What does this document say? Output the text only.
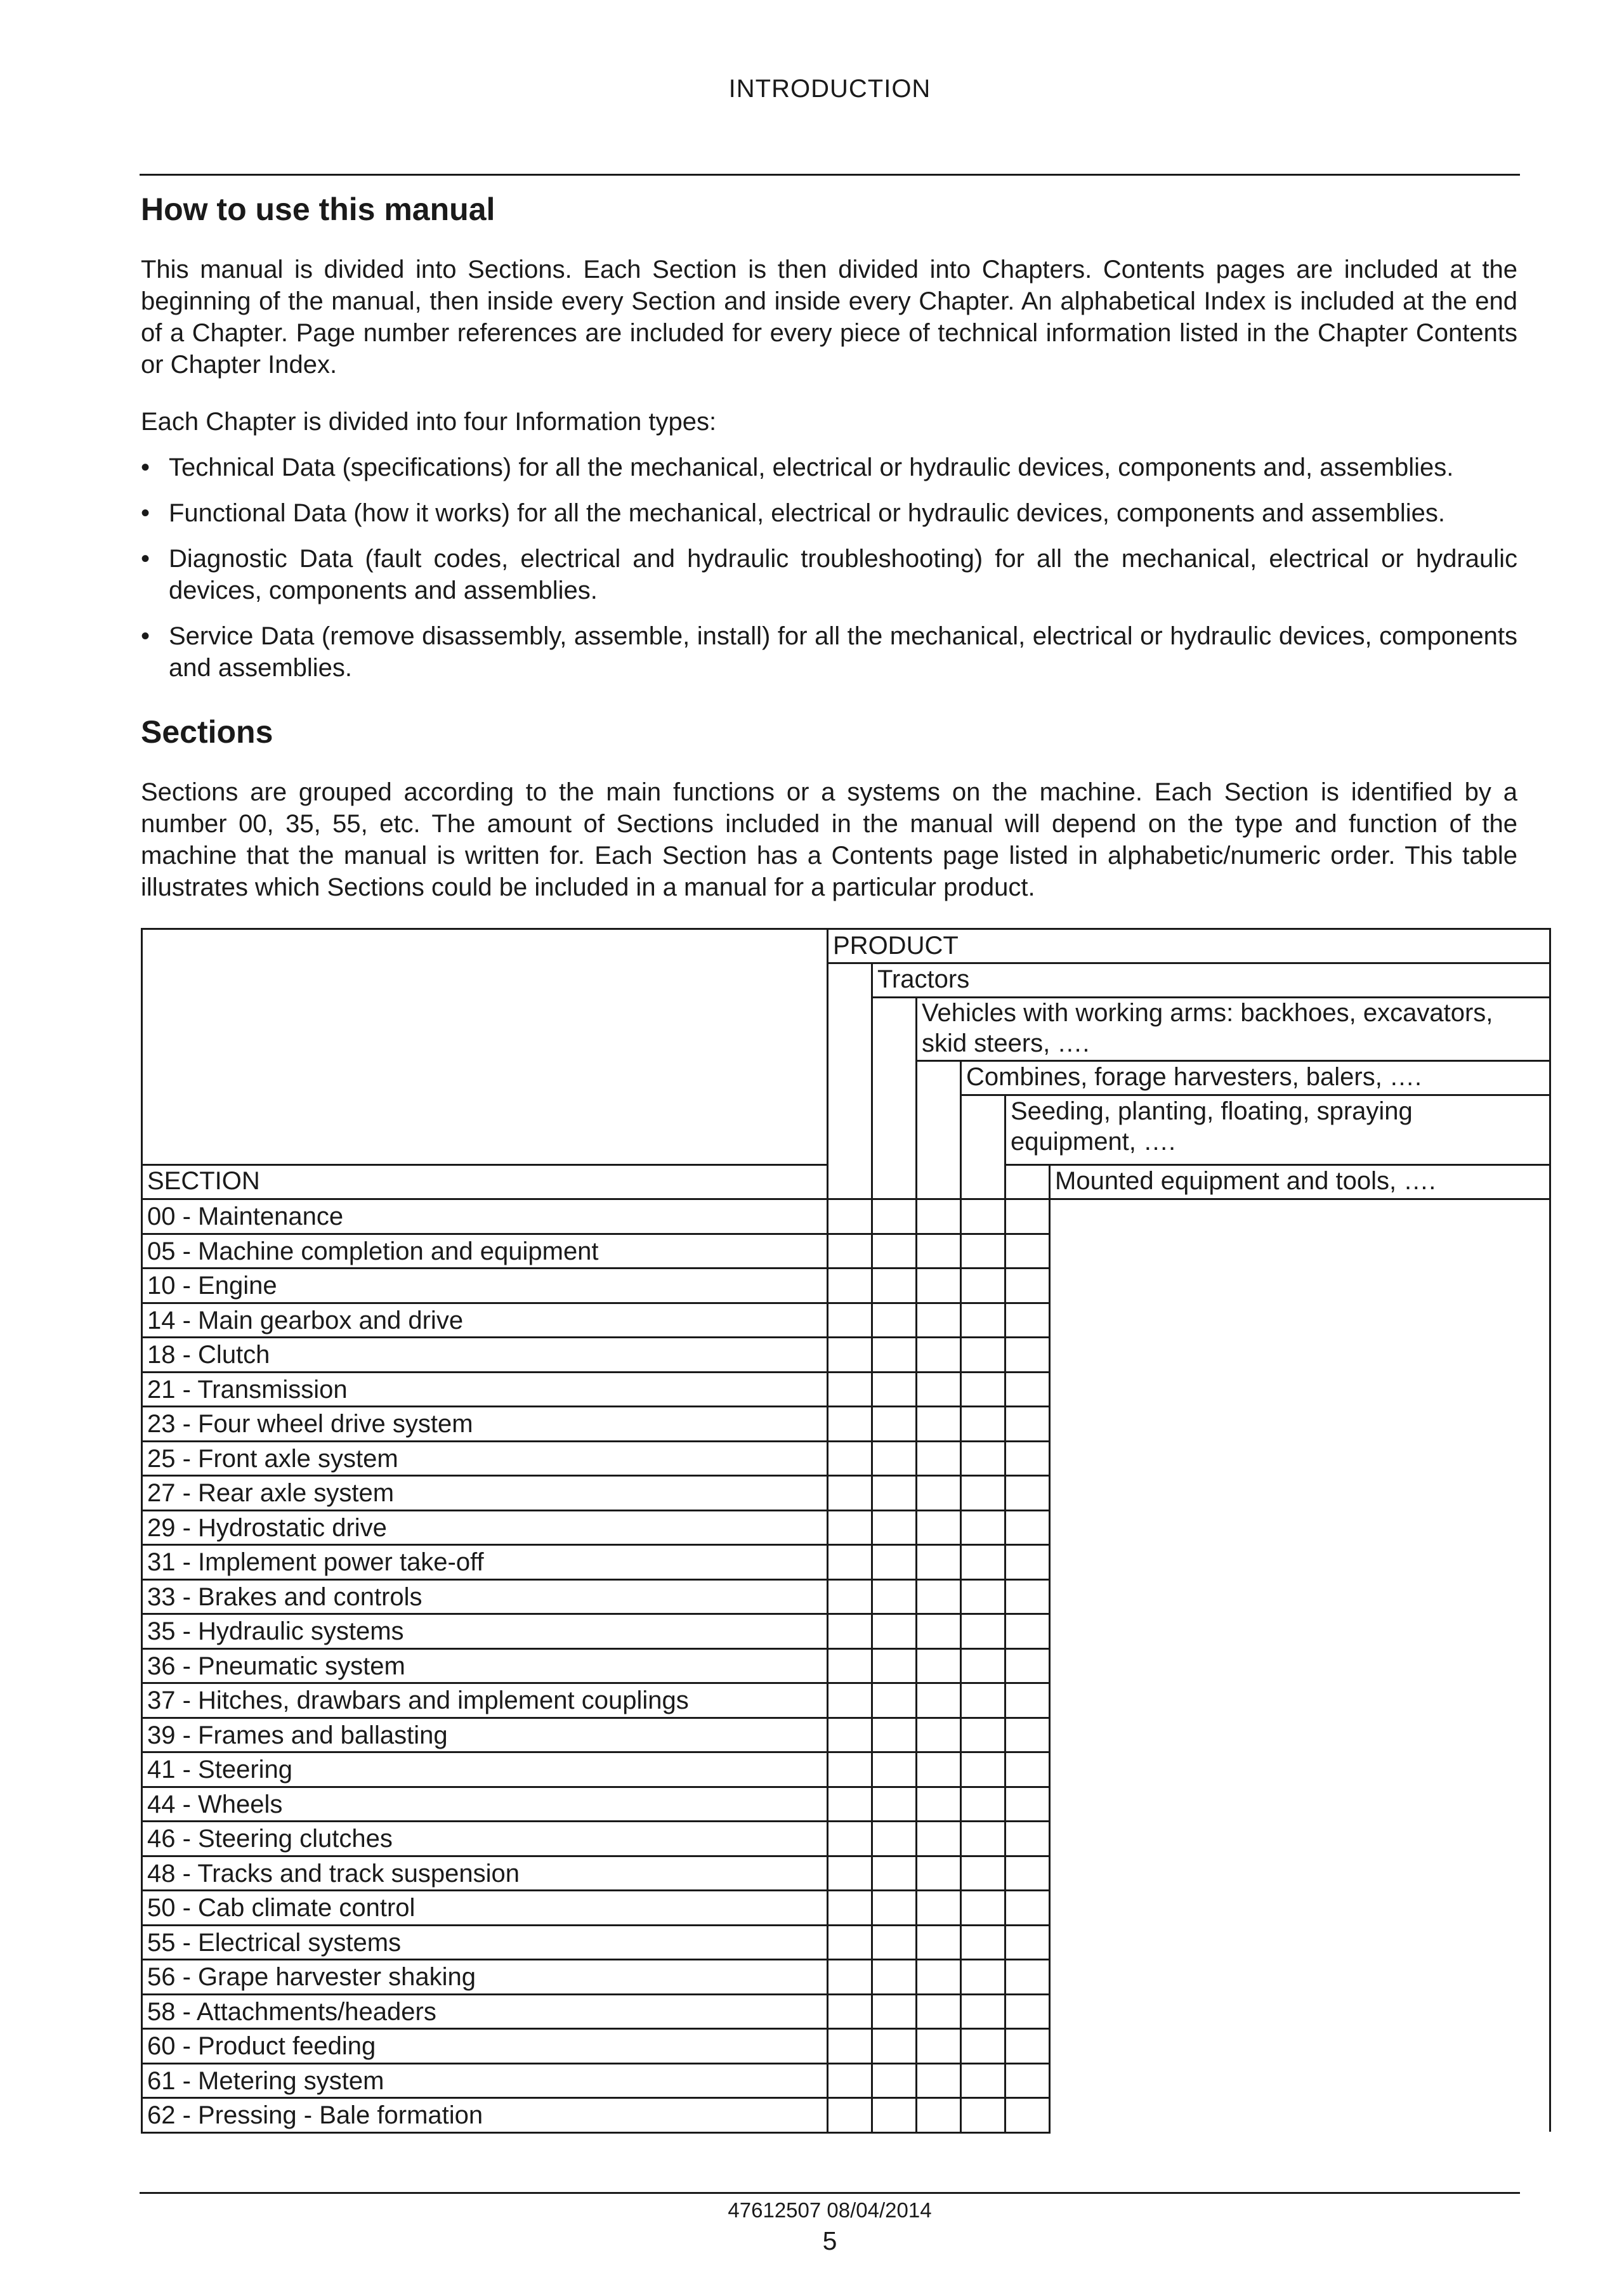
INTRODUCTION
How to use this manual

This manual is divided into Sections. Each Section is then divided into Chapters. Contents pages are included at the beginning of the manual, then inside every Section and inside every Chapter. An alphabetical Index is included at the end of a Chapter. Page number references are included for every piece of technical information listed in the Chapter Contents or Chapter Index.

Each Chapter is divided into four Information types:

• Technical Data (specifications) for all the mechanical, electrical or hydraulic devices, components and, assemblies.
• Functional Data (how it works) for all the mechanical, electrical or hydraulic devices, components and assemblies.
• Diagnostic Data (fault codes, electrical and hydraulic troubleshooting) for all the mechanical, electrical or hydraulic devices, components and assemblies.
• Service Data (remove disassembly, assemble, install) for all the mechanical, electrical or hydraulic devices, components and assemblies.
Sections

Sections are grouped according to the main functions or a systems on the machine. Each Section is identified by a number 00, 35, 55, etc. The amount of Sections included in the manual will depend on the type and function of the machine that the manual is written for. Each Section has a Contents page listed in alphabetic/numeric order. This table illustrates which Sections could be included in a manual for a particular product.

PRODUCT
Tractors
Vehicles with working arms: backhoes, excavators, skid steers, ….
Combines, forage harvesters, balers, ….
Seeding, planting, floating, spraying equipment, ….
Mounted equipment and tools, ….
SECTION
00 - Maintenance
05 - Machine completion and equipment
10 - Engine
14 - Main gearbox and drive
18 - Clutch
21 - Transmission
23 - Four wheel drive system
25 - Front axle system
27 - Rear axle system
29 - Hydrostatic drive
31 - Implement power take-off
33 - Brakes and controls
35 - Hydraulic systems
36 - Pneumatic system
37 - Hitches, drawbars and implement couplings
39 - Frames and ballasting
41 - Steering
44 - Wheels
46 - Steering clutches
48 - Tracks and track suspension
50 - Cab climate control
55 - Electrical systems
56 - Grape harvester shaking
58 - Attachments/headers
60 - Product feeding
61 - Metering system
62 - Pressing - Bale formation
47612507 08/04/2014
5
